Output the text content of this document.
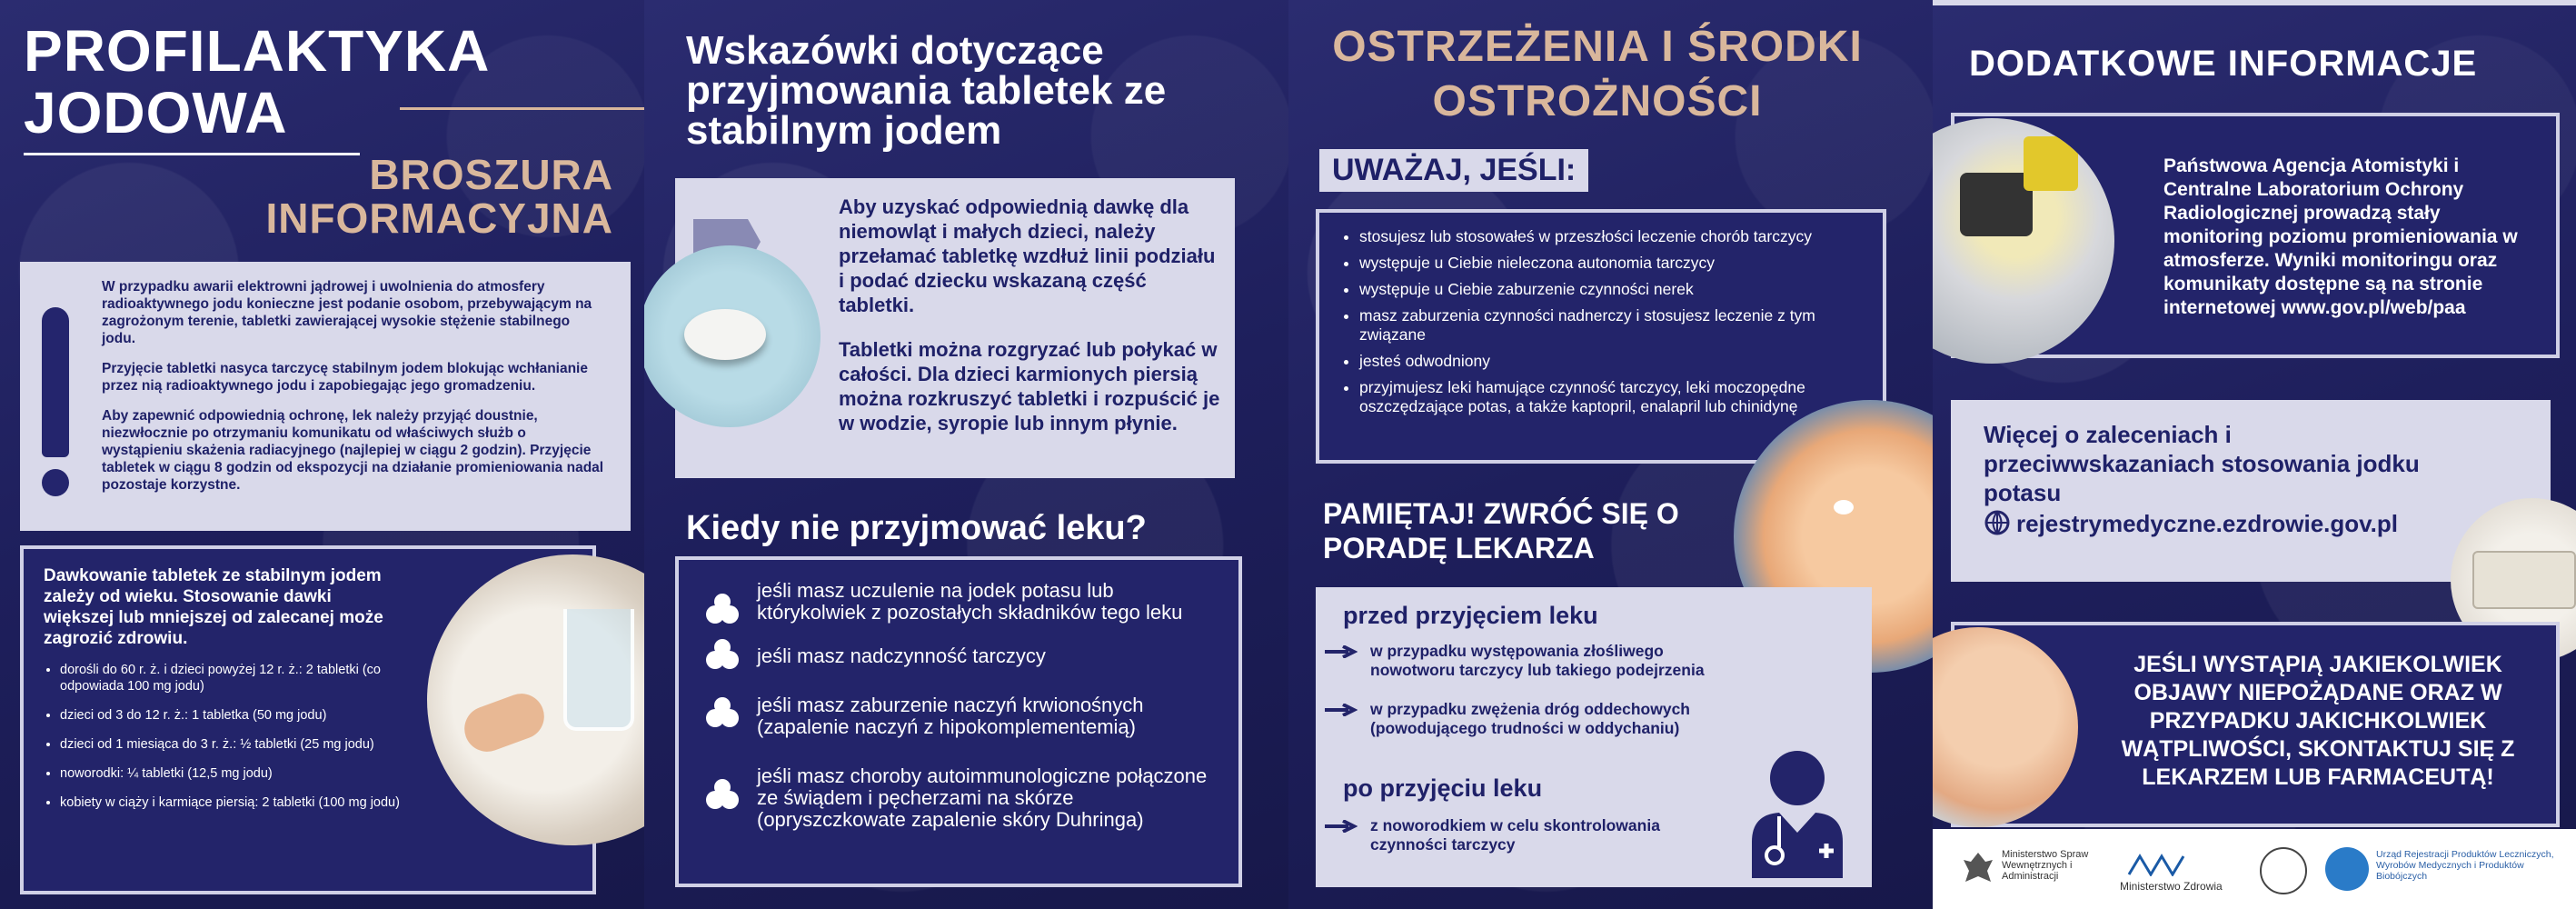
PROFILAKTYKA
JODOWA
BROSZURA
INFORMACYJNA

W przypadku awarii elektrowni jądrowej i uwolnienia do atmosfery radioaktywnego jodu konieczne jest podanie osobom, przebywającym na zagrożonym terenie, tabletki zawierającej wysokie stężenie stabilnego jodu.

Przyjęcie tabletki nasyca tarczycę stabilnym jodem blokując wchłanianie przez nią radioaktywnego jodu i zapobiegając jego gromadzeniu.

Aby zapewnić odpowiednią ochronę, lek należy przyjąć doustnie, niezwłocznie po otrzymaniu komunikatu od właściwych służb o wystąpieniu skażenia radiacyjnego (najlepiej w ciągu 2 godzin). Przyjęcie tabletek w ciągu 8 godzin od ekspozycji na działanie promieniowania nadal pozostaje korzystne.

Dawkowanie tabletek ze stabilnym jodem zależy od wieku. Stosowanie dawki większej lub mniejszej od zalecanej może zagrozić zdrowiu.
• dorośli do 60 r. ż. i dzieci powyżej 12 r. ż.: 2 tabletki (co odpowiada 100 mg jodu)
• dzieci od 3 do 12 r. ż.: 1 tabletka (50 mg jodu)
• dzieci od 1 miesiąca do 3 r. ż.: ½ tabletki (25 mg jodu)
• noworodki: ¼ tabletki (12,5 mg jodu)
• kobiety w ciąży i karmiące piersią: 2 tabletki (100 mg jodu)
Wskazówki dotyczące przyjmowania tabletek ze stabilnym jodem

Aby uzyskać odpowiednią dawkę dla niemowląt i małych dzieci, należy przełamać tabletkę wzdłuż linii podziału i podać dziecku wskazaną część tabletki.

Tabletki można rozgryzać lub połykać w całości. Dla dzieci karmionych piersią można rozkruszyć tabletki i rozpuścić je w wodzie, syropie lub innym płynie.

Kiedy nie przyjmować leku?
jeśli masz uczulenie na jodek potasu lub którykolwiek z pozostałych składników tego leku
jeśli masz nadczynność tarczycy
jeśli masz zaburzenie naczyń krwionośnych (zapalenie naczyń z hipokomplementemią)
jeśli masz choroby autoimmunologiczne połączone ze świądem i pęcherzami na skórze (opryszczkowate zapalenie skóry Duhringa)
OSTRZEŻENIA I ŚRODKI OSTROŻNOŚCI
UWAŻAJ, JEŚLI:
• stosujesz lub stosowałeś w przeszłości leczenie chorób tarczycy
• występuje u Ciebie nieleczona autonomia tarczycy
• występuje u Ciebie zaburzenie czynności nerek
• masz zaburzenia czynności nadnerczy i stosujesz leczenie z tym związane
• jesteś odwodniony
• przyjmujesz leki hamujące czynność tarczycy, leki moczopędne oszczędzające potas, a także kaptopril, enalapril lub chinidynę
PAMIĘTAJ! ZWRÓĆ SIĘ O PORADĘ LEKARZA
przed przyjęciem leku
w przypadku występowania złośliwego nowotworu tarczycy lub takiego podejrzenia
w przypadku zwężenia dróg oddechowych (powodującego trudności w oddychaniu)
po przyjęciu leku
z noworodkiem w celu skontrolowania czynności tarczycy
DODATKOWE INFORMACJE
Państwowa Agencja Atomistyki i Centralne Laboratorium Ochrony Radiologicznej prowadzą stały monitoring poziomu promieniowania w atmosferze. Wyniki monitoringu oraz komunikaty dostępne są na stronie internetowej www.gov.pl/web/paa
Więcej o zaleceniach i przeciwwskazaniach stosowania jodku potasu
rejestrymedyczne.ezdrowie.gov.pl
JEŚLI WYSTĄPIĄ JAKIEKOLWIEK OBJAWY NIEPOŻĄDANE ORAZ W PRZYPADKU JAKICHKOLWIEK WĄTPLIWOŚCI, SKONTAKTUJ SIĘ Z LEKARZEM LUB FARMACEUTĄ!
Ministerstwo Spraw Wewnętrznych i Administracji
Ministerstwo Zdrowia
Urząd Rejestracji Produktów Leczniczych, Wyrobów Medycznych i Produktów Biobójczych
